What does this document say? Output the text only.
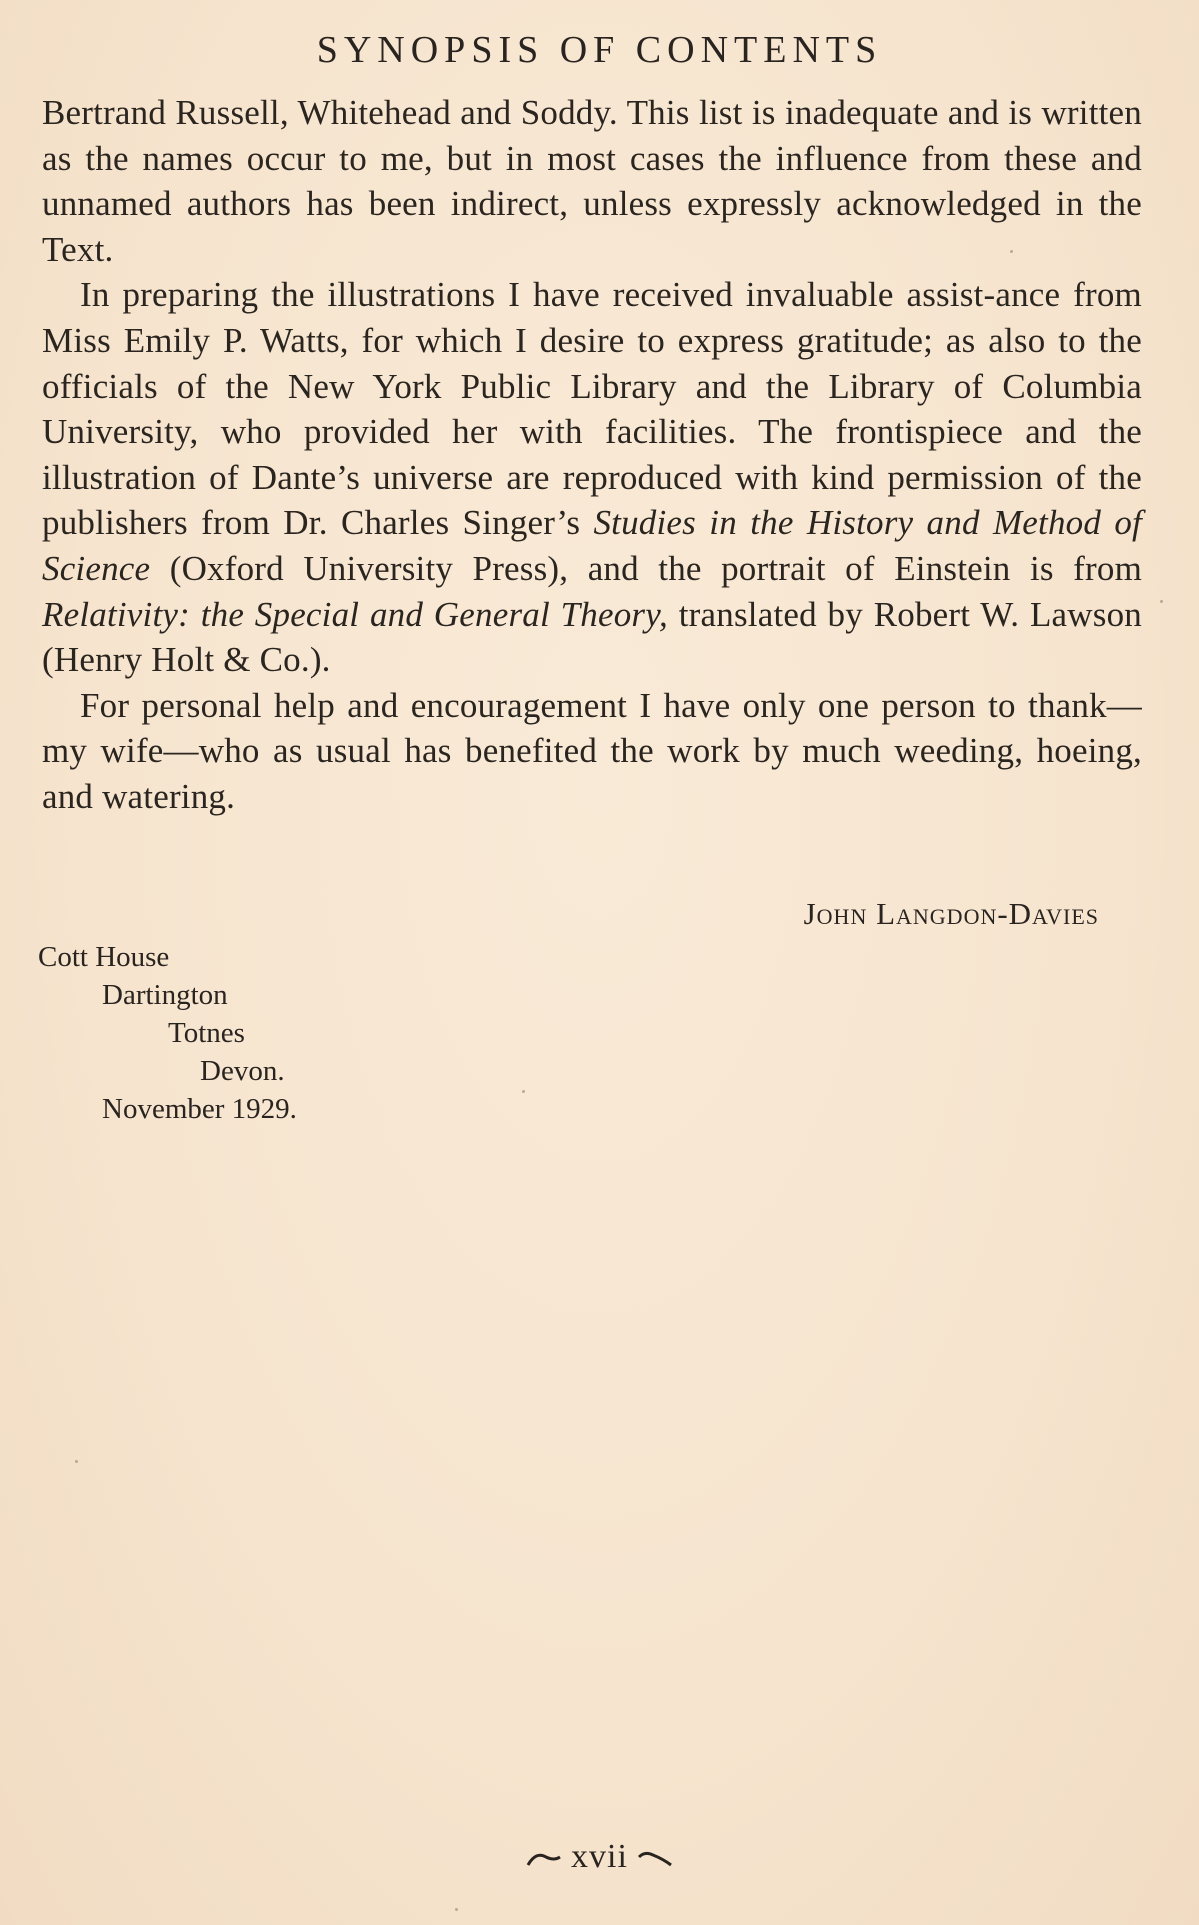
SYNOPSIS OF CONTENTS

Bertrand Russell, Whitehead and Soddy. This list is inadequate and is written as the names occur to me, but in most cases the influence from these and unnamed authors has been indirect, unless expressly acknowledged in the Text.

In preparing the illustrations I have received invaluable assist-ance from Miss Emily P. Watts, for which I desire to express gratitude; as also to the officials of the New York Public Library and the Library of Columbia University, who provided her with facilities. The frontispiece and the illustration of Dante’s universe are reproduced with kind permission of the publishers from Dr. Charles Singer’s Studies in the History and Method of Science (Oxford University Press), and the portrait of Einstein is from Relativity: the Special and General Theory, translated by Robert W. Lawson (Henry Holt & Co.).

For personal help and encouragement I have only one person to thank—my wife—who as usual has benefited the work by much weeding, hoeing, and watering.

John Langdon-Davies
Cott House
Dartington
Totnes
Devon.
November 1929.
xvii
